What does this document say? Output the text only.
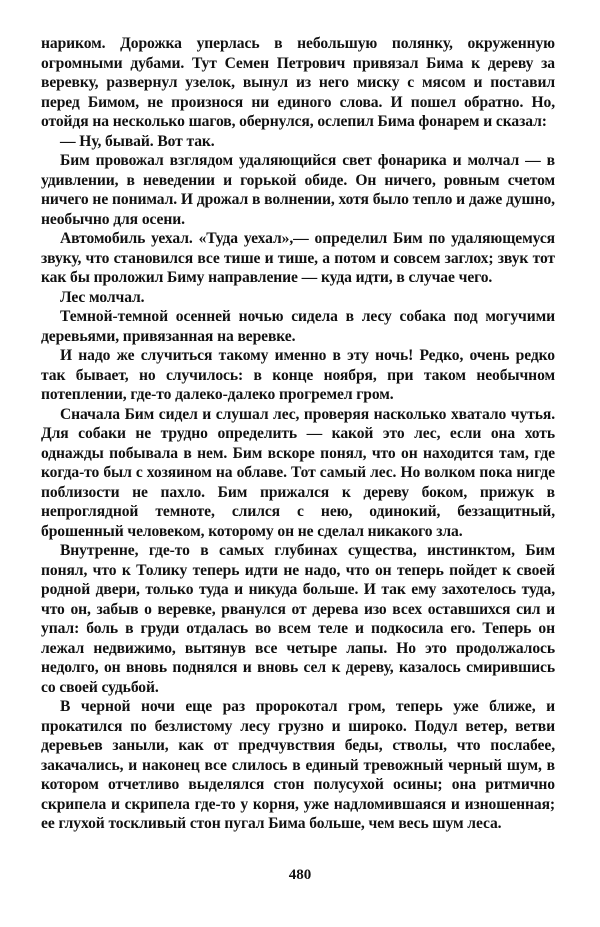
нариком. Дорожка уперлась в небольшую полянку, окруженную огромными дубами. Тут Семен Петрович привязал Бима к дереву за веревку, развернул узелок, вынул из него миску с мясом и поставил перед Бимом, не произнося ни единого слова. И пошел обратно. Но, отойдя на несколько шагов, обернулся, ослепил Бима фонарем и сказал:

— Ну, бывай. Вот так.

Бим провожал взглядом удаляющийся свет фонарика и молчал — в удивлении, в неведении и горькой обиде. Он ничего, ровным счетом ничего не понимал. И дрожал в волнении, хотя было тепло и даже душно, необычно для осени.

Автомобиль уехал. «Туда уехал»,— определил Бим по удаляющемуся звуку, что становился все тише и тише, а потом и совсем заглох; звук тот как бы проложил Биму направление — куда идти, в случае чего.

Лес молчал.

Темной-темной осенней ночью сидела в лесу собака под могучими деревьями, привязанная на веревке.

И надо же случиться такому именно в эту ночь! Редко, очень редко так бывает, но случилось: в конце ноября, при таком необычном потеплении, где-то далеко-далеко прогремел гром.

Сначала Бим сидел и слушал лес, проверяя насколько хватало чутья. Для собаки не трудно определить — какой это лес, если она хоть однажды побывала в нем. Бим вскоре понял, что он находится там, где когда-то был с хозяином на облаве. Тот самый лес. Но волком пока нигде поблизости не пахло. Бим прижался к дереву боком, прижук в непроглядной темноте, слился с нею, одинокий, беззащитный, брошенный человеком, которому он не сделал никакого зла.

Внутренне, где-то в самых глубинах существа, инстинктом, Бим понял, что к Толику теперь идти не надо, что он теперь пойдет к своей родной двери, только туда и никуда больше. И так ему захотелось туда, что он, забыв о веревке, рванулся от дерева изо всех оставшихся сил и упал: боль в груди отдалась во всем теле и подкосила его. Теперь он лежал недвижимо, вытянув все четыре лапы. Но это продолжалось недолго, он вновь поднялся и вновь сел к дереву, казалось смирившись со своей судьбой.

В черной ночи еще раз пророкотал гром, теперь уже ближе, и прокатился по безлистому лесу грузно и широко. Подул ветер, ветви деревьев заныли, как от предчувствия беды, стволы, что послабее, закачались, и наконец все слилось в единый тревожный черный шум, в котором отчетливо выделялся стон полусухой осины; она ритмично скрипела и скрипела где-то у корня, уже надломившаяся и изношенная; ее глухой тоскливый стон пугал Бима больше, чем весь шум леса.

480
